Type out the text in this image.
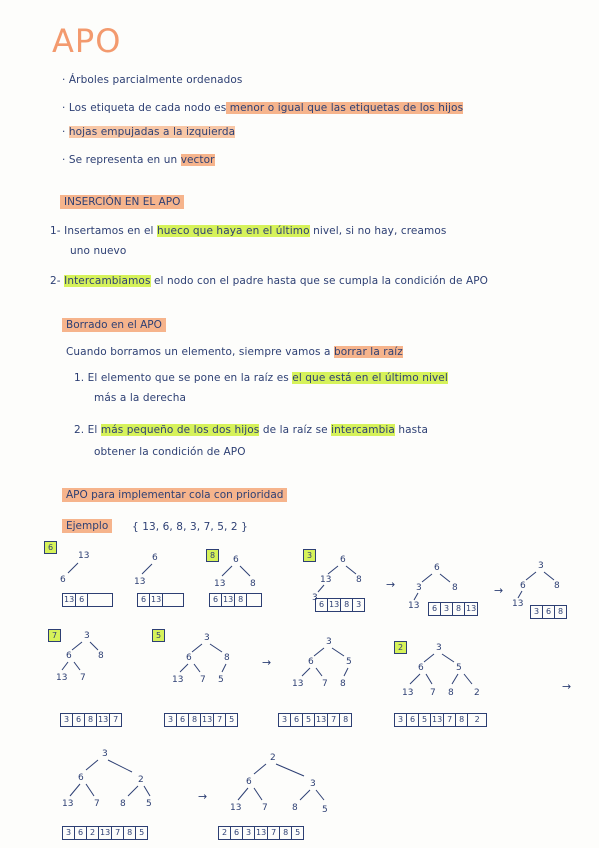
APO
· Árboles parcialmente ordenados
· Los etiqueta de cada nodo es menor o igual que las etiquetas de los hijos
· hojas empujadas a la izquierda
· Se representa en un vector
INSERCIÓN EN EL APO
1- Insertamos en el hueco que haya en el último nivel, si no hay, creamos
uno nuevo
2- Intercambiamos el nodo con el padre hasta que se cumpla la condición de APO
Borrado en el APO
Cuando borramos un elemento, siempre vamos a borrar la raíz
1. El elemento que se pone en la raíz es el que está en el último nivel
más a la derecha
2. El más pequeño de los dos hijos de la raíz se intercambia hasta
obtener la condición de APO
APO para implementar cola con prioridad
Ejemplo	{ 13, 6, 8, 3, 7, 5, 2 }
6
13
6
13 6
6
13
6 13
8	6
13	8
6 13 8
3	6
13	8
3
6 13 8 3
→
6
3	8
13	6 3 8 13
→
3
6	8
13
3 6 8
7	3
6	8
13 7
3 6 8 13 7
5	3
6	8
13 7 5
3 6 8 13 7 5
→
3
6	5
13 7 8
3 6 5 13 7 8
2	3
6	5
13 7 8 2
3 6 5 13 7 8	2
→
3
6	2
13 7 8 5
3 6 2 13 7 8 5
→
2
6	3
13 7	8	5
2 6 3 13 7 8 5
